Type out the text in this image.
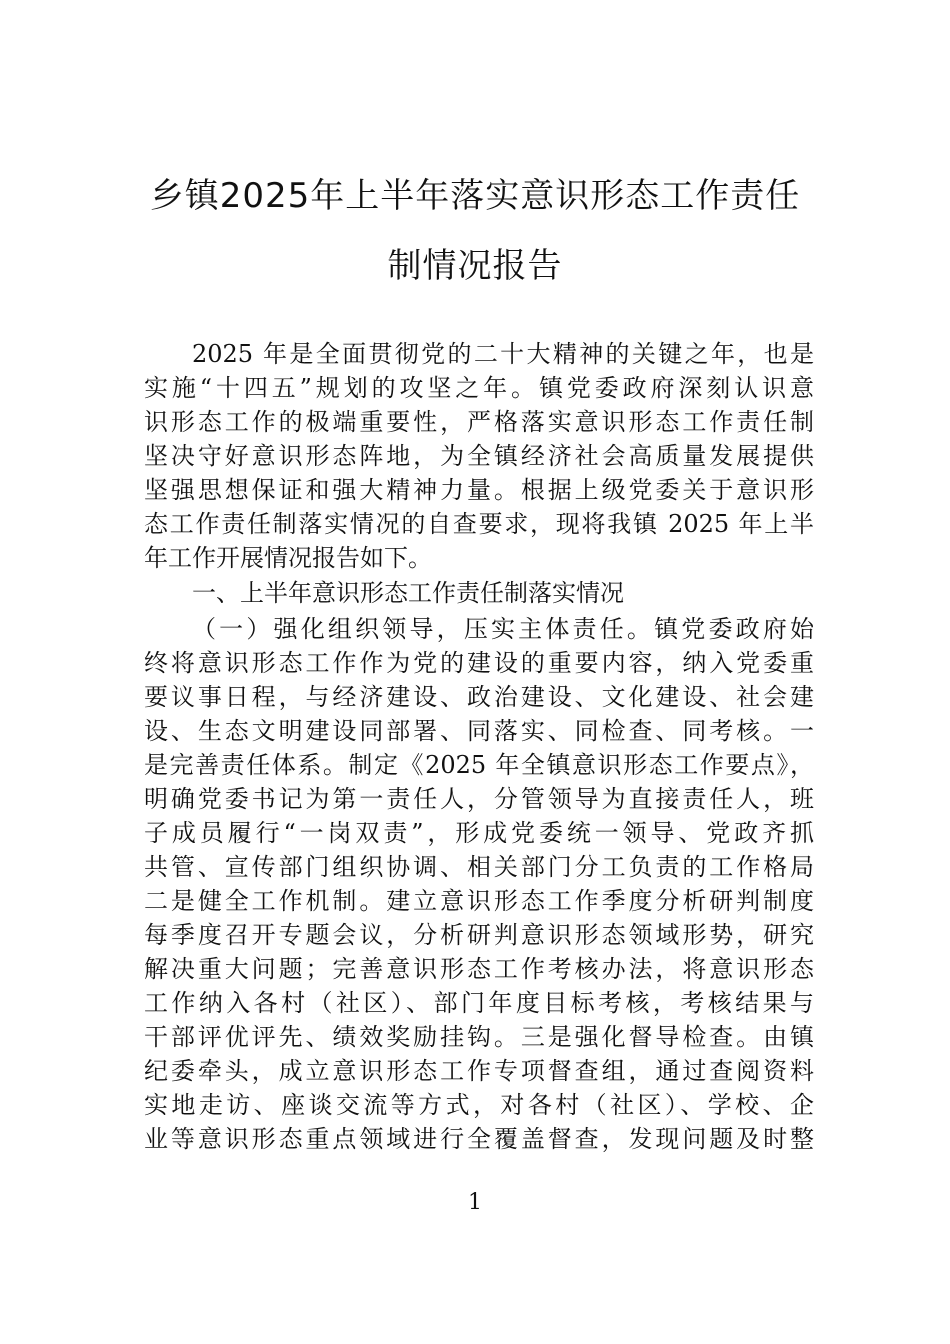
乡镇2025年上半年落实意识形态工作责任
制情况报告
2025 年是全面贯彻党的二十大精神的关键之年，也是
实施“十四五”规划的攻坚之年。镇党委政府深刻认识意
识形态工作的极端重要性，严格落实意识形态工作责任制
坚决守好意识形态阵地，为全镇经济社会高质量发展提供
坚强思想保证和强大精神力量。根据上级党委关于意识形
态工作责任制落实情况的自查要求，现将我镇 2025 年上半
年工作开展情况报告如下。
一、上半年意识形态工作责任制落实情况
（一）强化组织领导，压实主体责任。镇党委政府始
终将意识形态工作作为党的建设的重要内容，纳入党委重
要议事日程，与经济建设、政治建设、文化建设、社会建
设、生态文明建设同部署、同落实、同检查、同考核。一
是完善责任体系。制定《2025 年全镇意识形态工作要点》，
明确党委书记为第一责任人，分管领导为直接责任人，班
子成员履行“一岗双责”，形成党委统一领导、党政齐抓
共管、宣传部门组织协调、相关部门分工负责的工作格局
二是健全工作机制。建立意识形态工作季度分析研判制度
每季度召开专题会议，分析研判意识形态领域形势，研究
解决重大问题；完善意识形态工作考核办法，将意识形态
工作纳入各村（社区）、部门年度目标考核，考核结果与
干部评优评先、绩效奖励挂钩。三是强化督导检查。由镇
纪委牵头，成立意识形态工作专项督查组，通过查阅资料
实地走访、座谈交流等方式，对各村（社区）、学校、企
业等意识形态重点领域进行全覆盖督查，发现问题及时整
1
